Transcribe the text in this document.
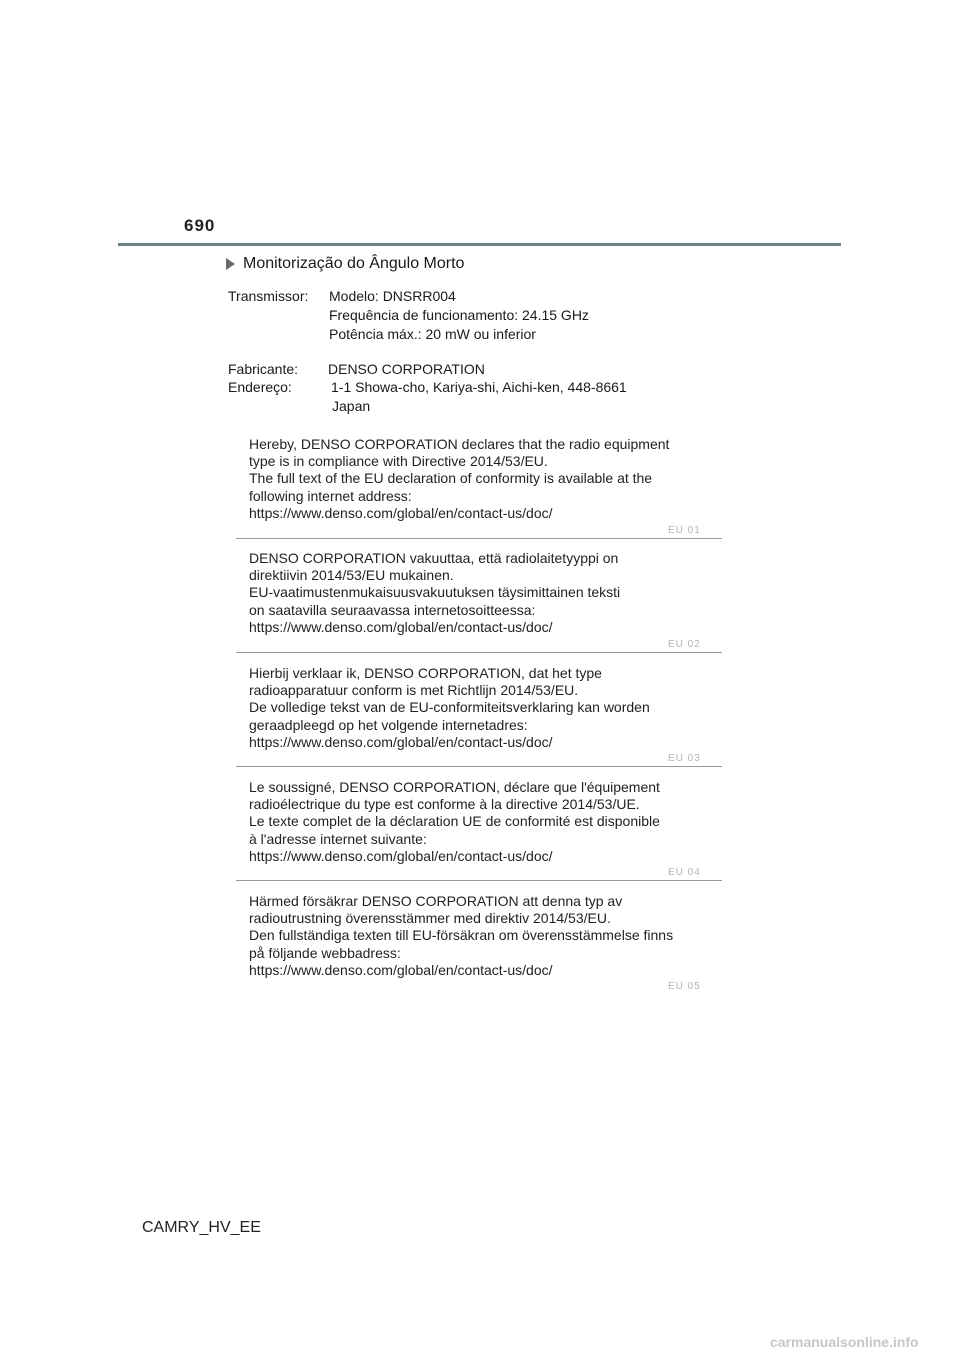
690
Monitorização do Ângulo Morto
Transmissor: Modelo: DNSRR004
Frequência de funcionamento: 24.15 GHz
Potência máx.: 20 mW ou inferior
Fabricante: DENSO CORPORATION
Endereço:	1-1 Showa-cho, Kariya-shi, Aichi-ken, 448-8661
Japan

Hereby, DENSO CORPORATION declares that the radio equipment

type is in compliance with Directive 2014/53/EU.

The full text of the EU declaration of conformity is available at the

following internet address:

https://www.denso.com/global/en/contact-us/doc/

EU 01

DENSO CORPORATION vakuuttaa, että radiolaitetyyppi on

direktiivin 2014/53/EU mukainen.

EU-vaatimustenmukaisuusvakuutuksen täysimittainen teksti

on saatavilla seuraavassa internetosoitteessa:

https://www.denso.com/global/en/contact-us/doc/

EU 02

Hierbij verklaar ik, DENSO CORPORATION, dat het type

radioapparatuur conform is met Richtlijn 2014/53/EU.

De volledige tekst van de EU-conformiteitsverklaring kan worden

geraadpleegd op het volgende internetadres:

https://www.denso.com/global/en/contact-us/doc/

EU 03

Le soussigné, DENSO CORPORATION, déclare que l'équipement

radioélectrique du type est conforme à la directive 2014/53/UE.

Le texte complet de la déclaration UE de conformité est disponible

à l'adresse internet suivante:

https://www.denso.com/global/en/contact-us/doc/

EU 04

Härmed försäkrar DENSO CORPORATION att denna typ av

radioutrustning överensstämmer med direktiv 2014/53/EU.

Den fullständiga texten till EU-försäkran om överensstämmelse finns

på följande webbadress:

https://www.denso.com/global/en/contact-us/doc/

EU 05
CAMRY_HV_EE
carmanualsonline.info
